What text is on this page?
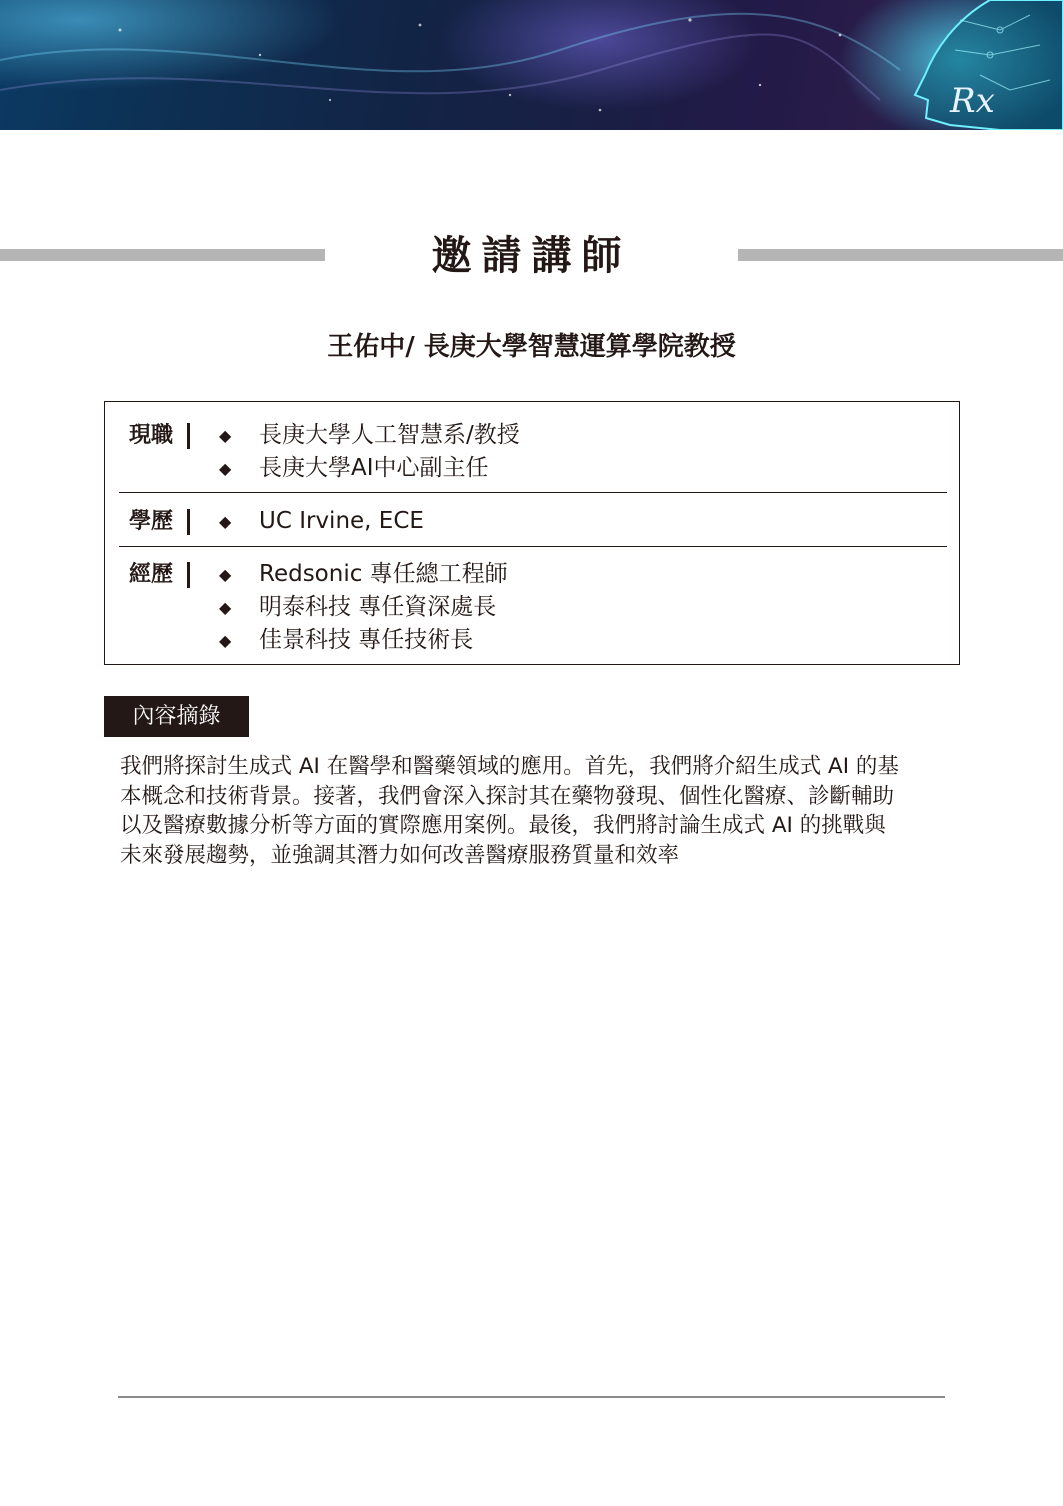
Rx
邀請講師
王佑中/ 長庚大學智慧運算學院教授
現職	◆ 長庚大學人工智慧系/教授
◆ 長庚大學AI中心副主任
學歷	◆ UC Irvine, ECE
經歷	◆ Redsonic 專任總工程師
◆ 明泰科技 專任資深處長
◆ 佳景科技 專任技術長
內容摘錄
我們將探討生成式 AI 在醫學和醫藥領域的應用。首先，我們將介紹生成式 AI 的基
本概念和技術背景。接著，我們會深入探討其在藥物發現、個性化醫療、診斷輔助
以及醫療數據分析等方面的實際應用案例。最後，我們將討論生成式 AI 的挑戰與
未來發展趨勢，並強調其潛力如何改善醫療服務質量和效率
